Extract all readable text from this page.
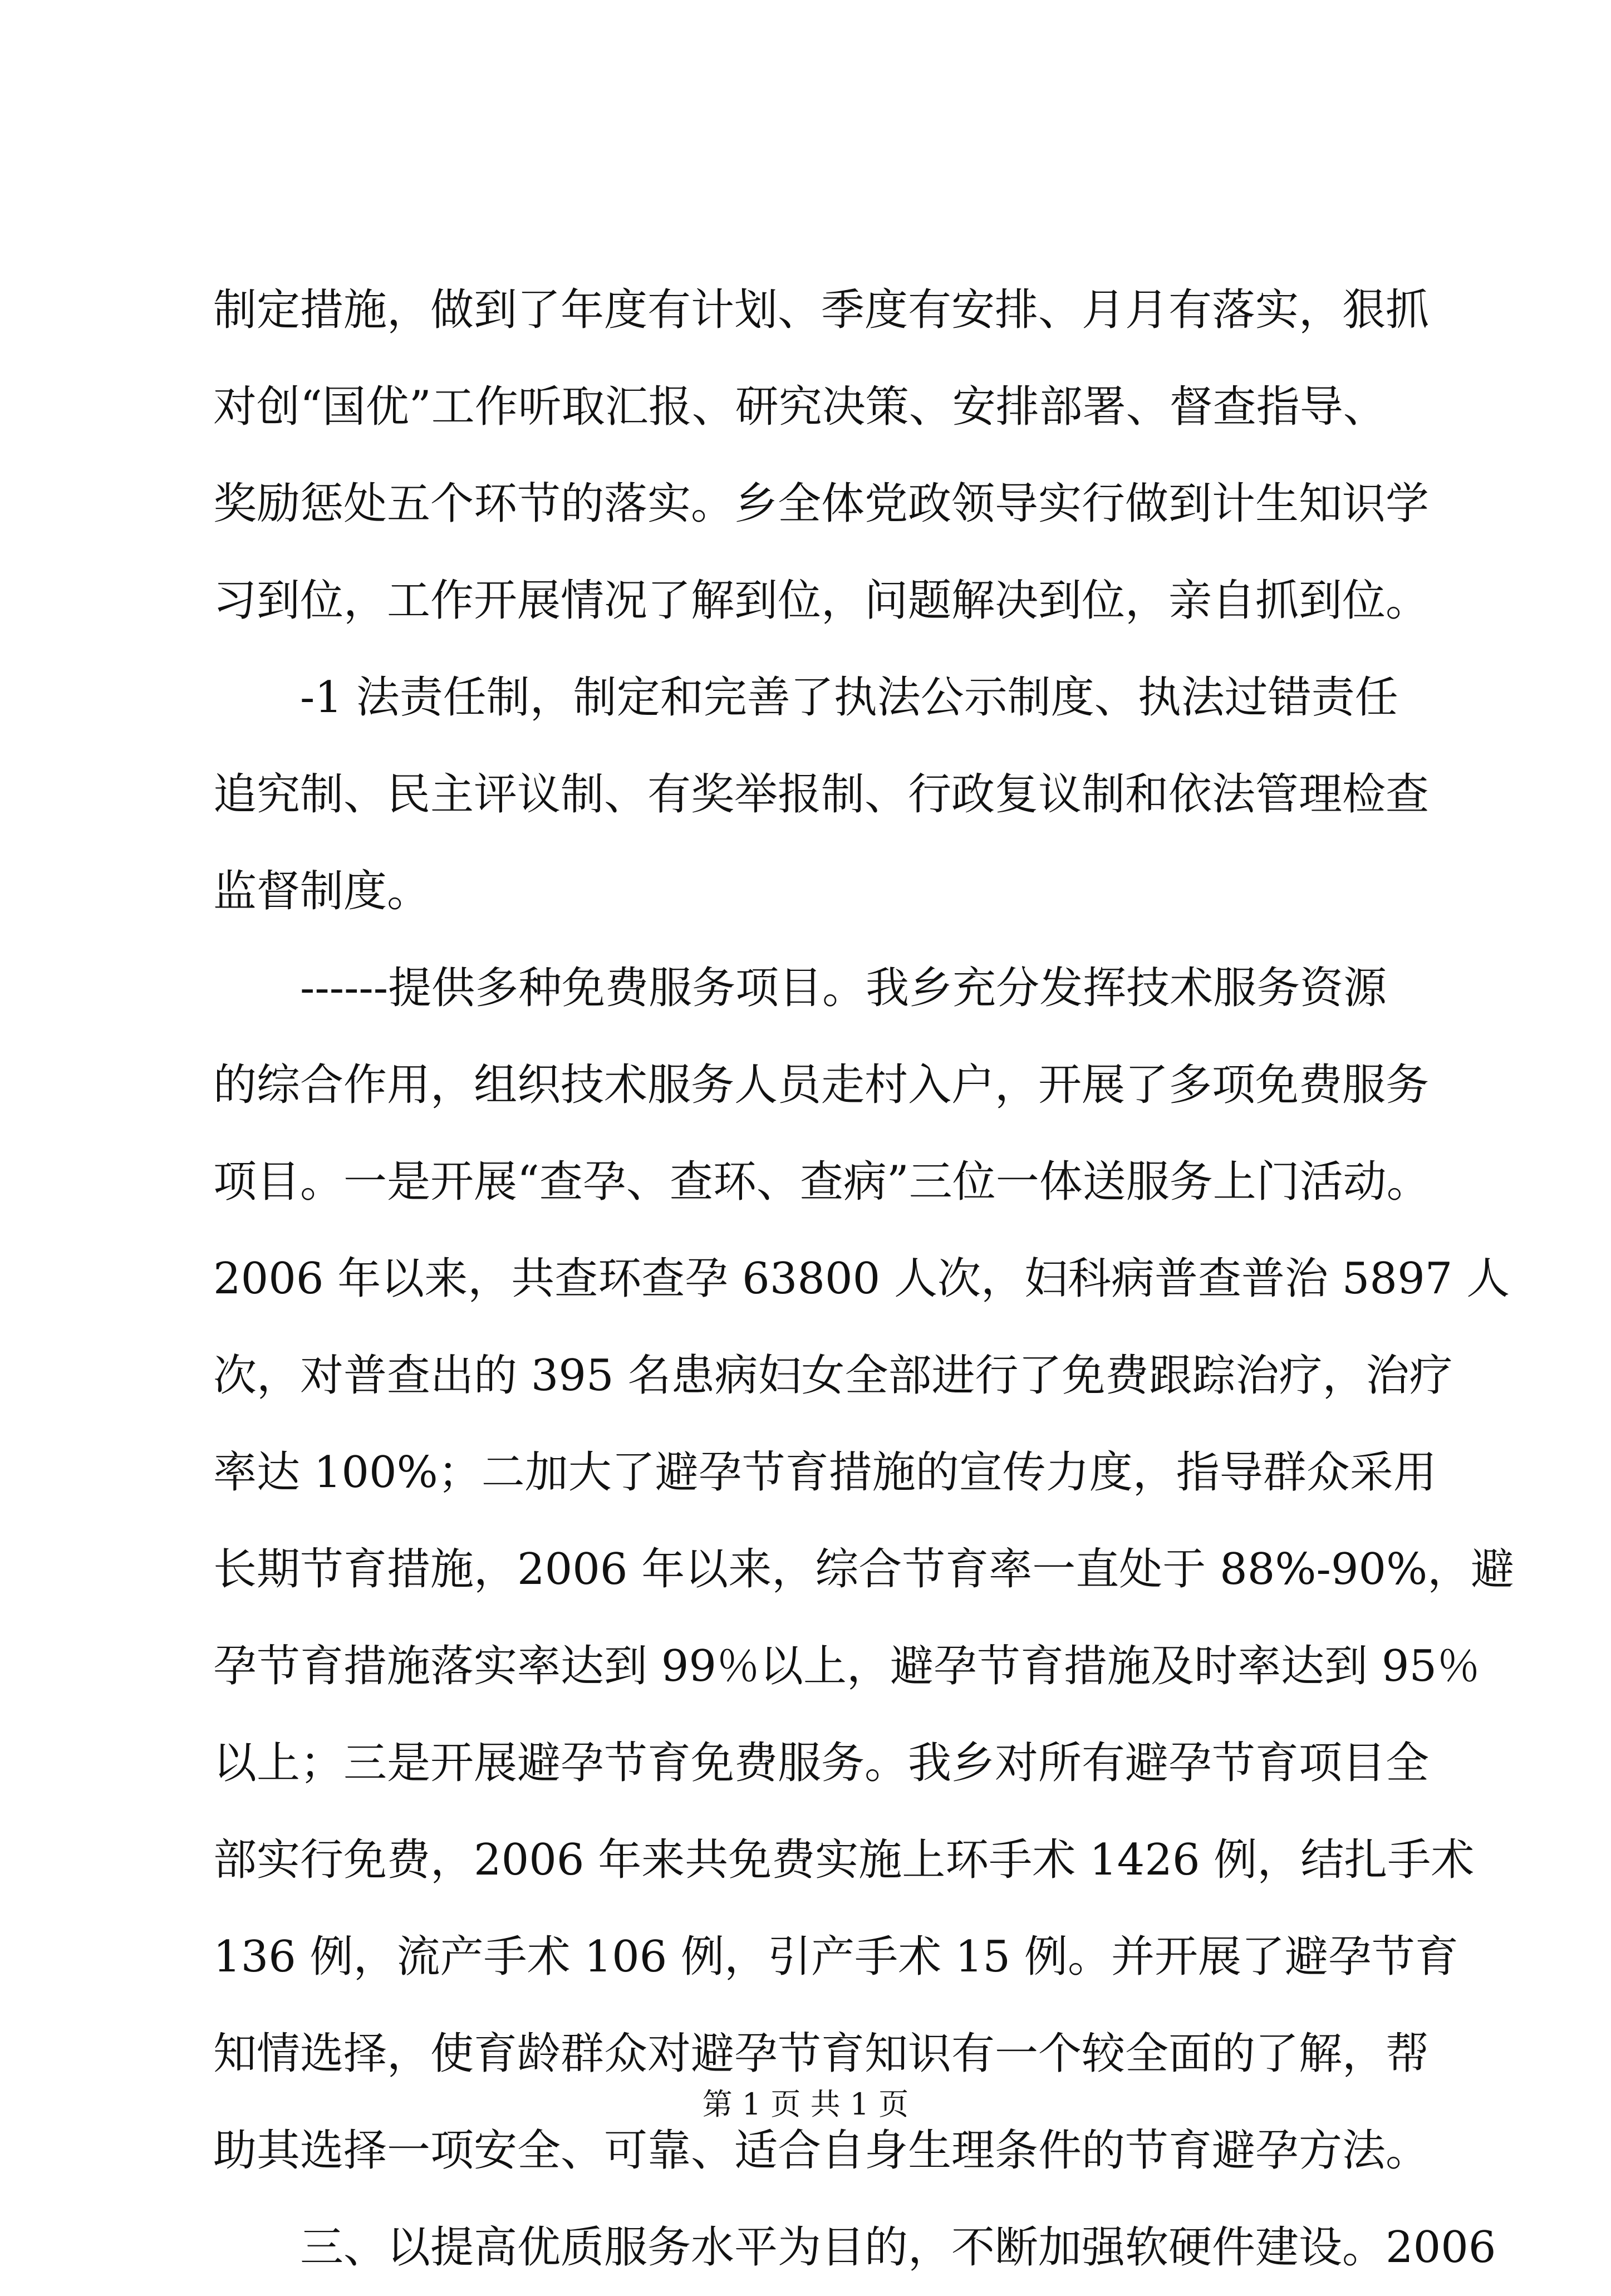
制定措施，做到了年度有计划、季度有安排、月月有落实，狠抓
对创“国优”工作听取汇报、研究决策、安排部署、督查指导、
奖励惩处五个环节的落实。乡全体党政领导实行做到计生知识学
习到位，工作开展情况了解到位，问题解决到位，亲自抓到位。
-1 法责任制，制定和完善了执法公示制度、执法过错责任
追究制、民主评议制、有奖举报制、行政复议制和依法管理检查
监督制度。
------提供多种免费服务项目。我乡充分发挥技术服务资源
的综合作用，组织技术服务人员走村入户，开展了多项免费服务
项目。一是开展“查孕、查环、查病”三位一体送服务上门活动。
2006 年以来，共查环查孕 63800 人次，妇科病普查普治 5897 人
次，对普查出的 395 名患病妇女全部进行了免费跟踪治疗，治疗
率达 100%；二加大了避孕节育措施的宣传力度，指导群众采用
长期节育措施，2006 年以来，综合节育率一直处于 88%-90%，避
孕节育措施落实率达到 99％以上，避孕节育措施及时率达到 95％
以上；三是开展避孕节育免费服务。我乡对所有避孕节育项目全
部实行免费，2006 年来共免费实施上环手术 1426 例，结扎手术
136 例，流产手术 106 例，引产手术 15 例。并开展了避孕节育
知情选择，使育龄群众对避孕节育知识有一个较全面的了解，帮
助其选择一项安全、可靠、适合自身生理条件的节育避孕方法。
三、以提高优质服务水平为目的，不断加强软硬件建设。2006
第 1 页 共 1 页
